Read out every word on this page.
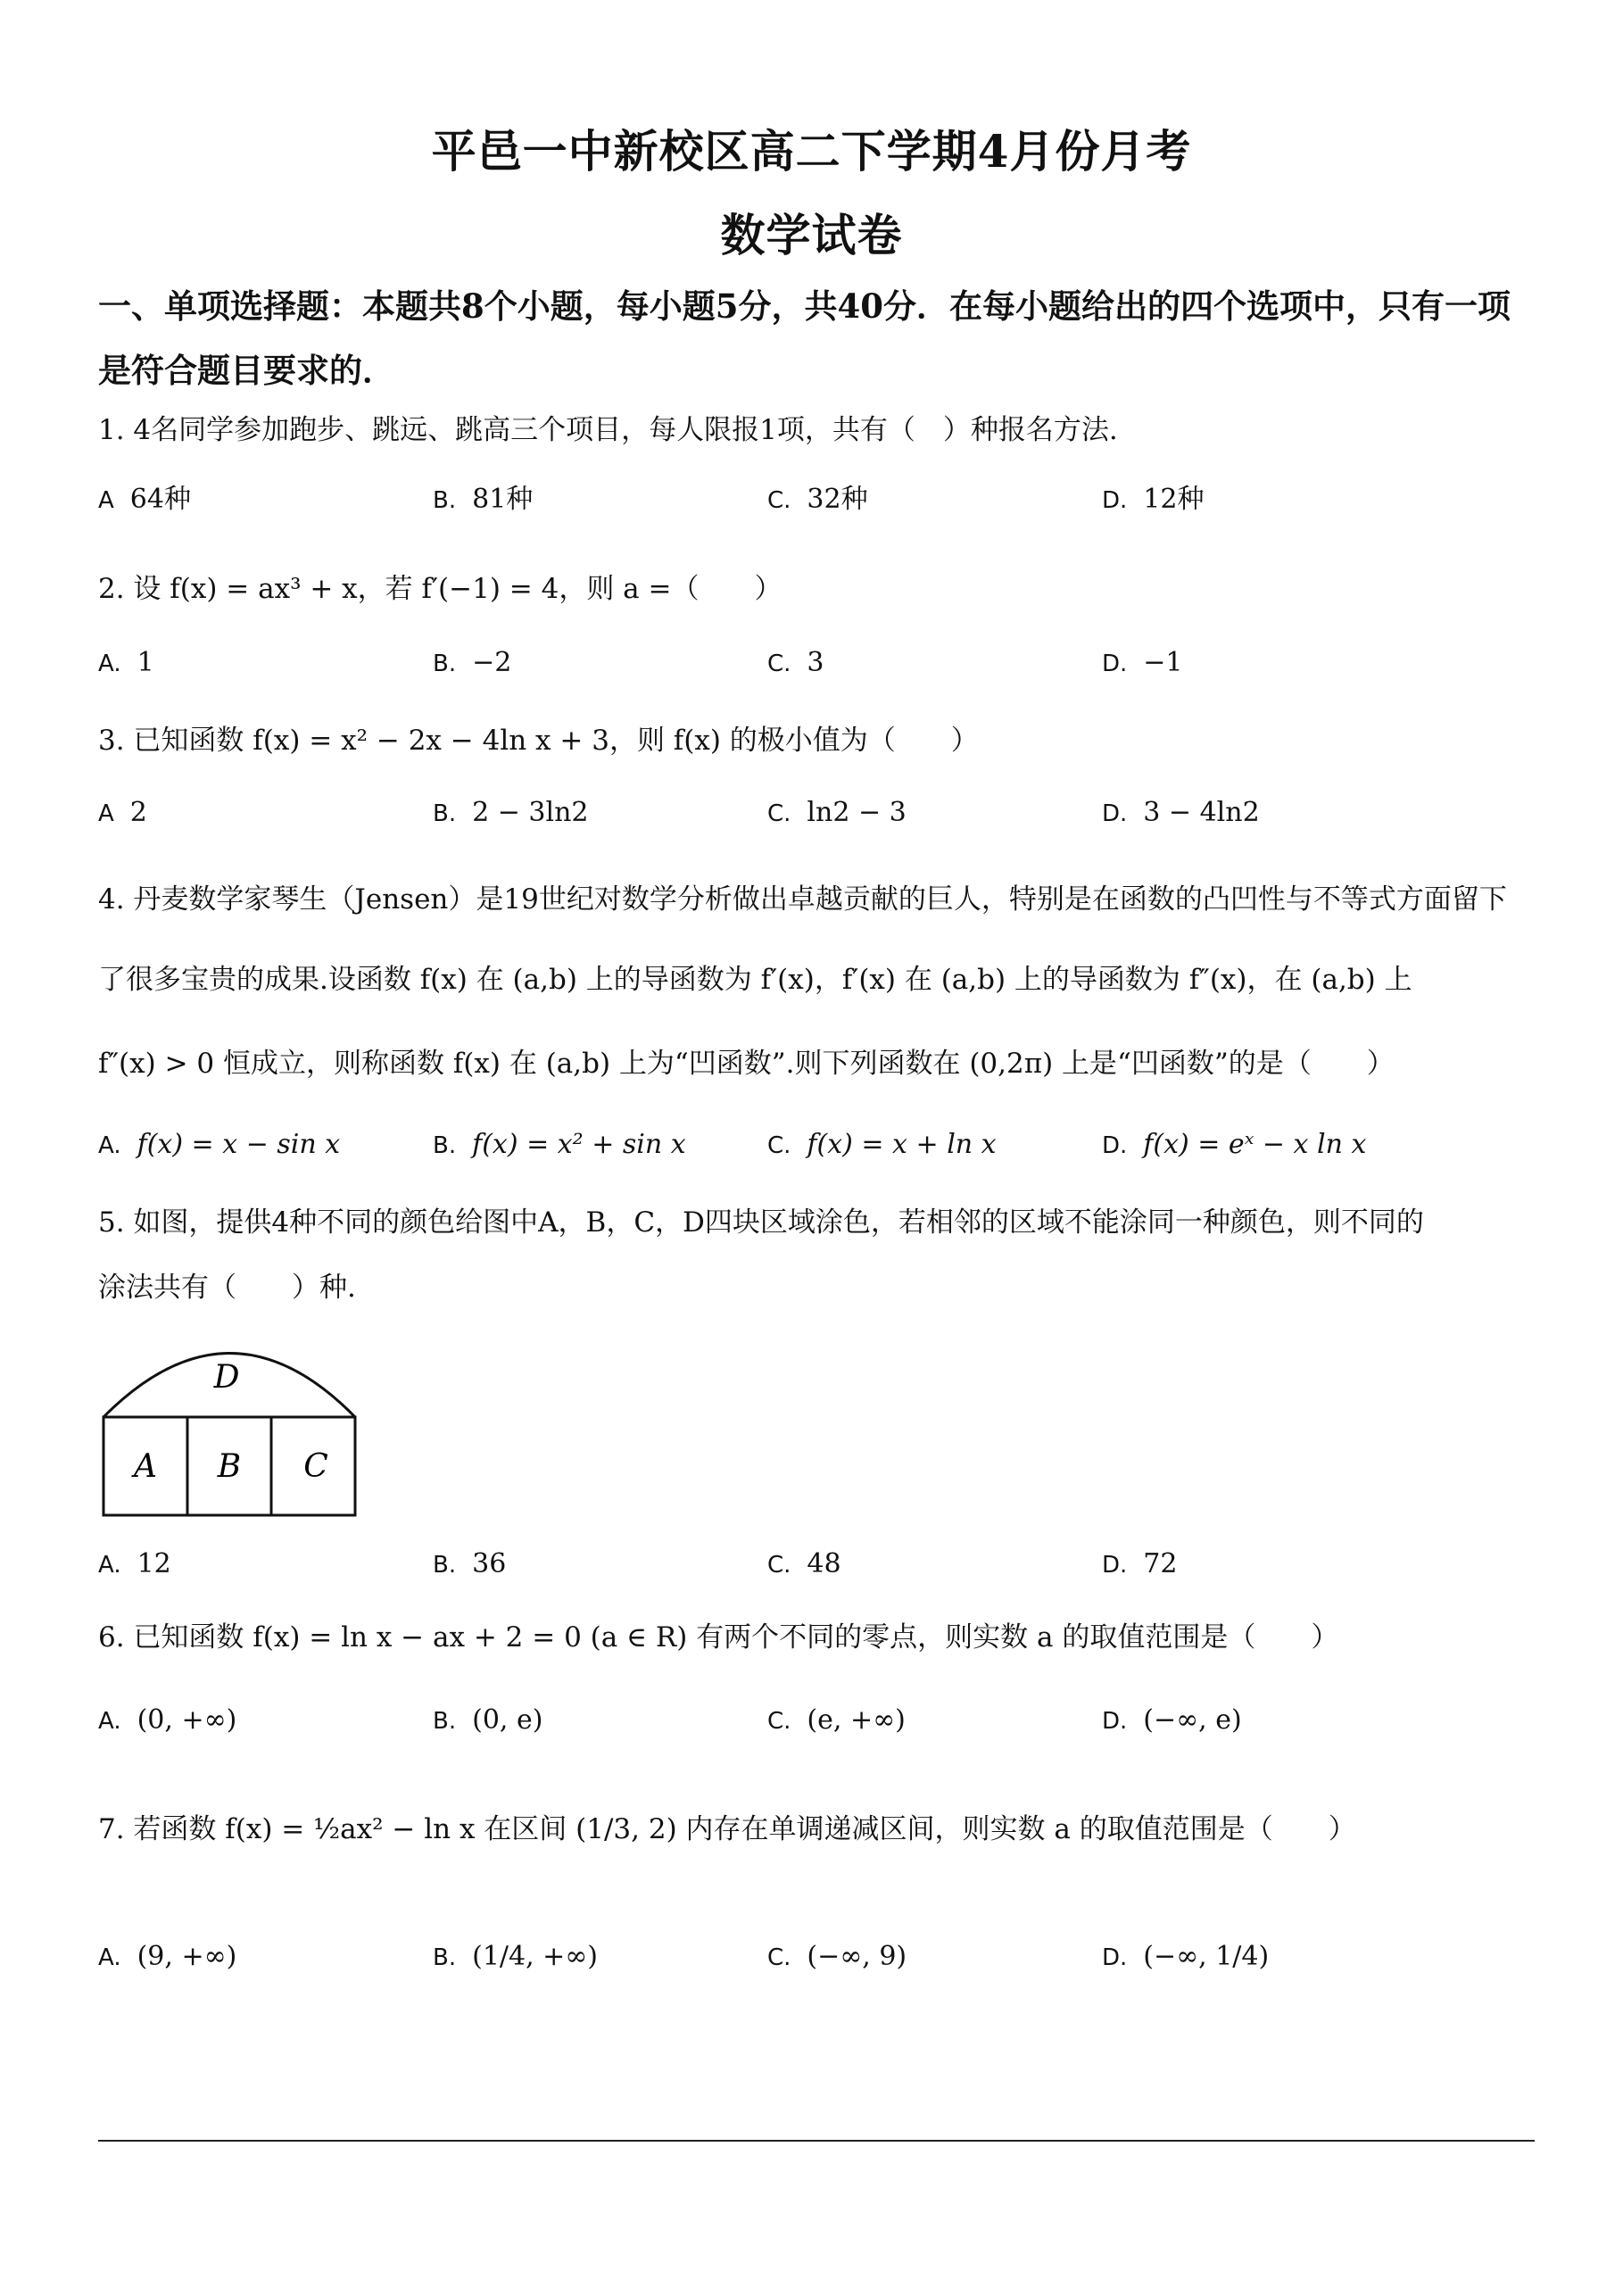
平邑一中新校区高二下学期4月份月考
数学试卷
一、单项选择题：本题共8个小题，每小题5分，共40分．在每小题给出的四个选项中，只有一项
是符合题目要求的．
1. 4名同学参加跑步、跳远、跳高三个项目，每人限报1项，共有（　）种报名方法.
A 64种	B. 81种	C. 32种	D. 12种
2. 设 f(x) = ax³ + x，若 f′(−1) = 4，则 a =（　　）
A. 1	B. −2	C. 3	D. −1
3. 已知函数 f(x) = x² − 2x − 4ln x + 3，则 f(x) 的极小值为（　　）
A 2	B. 2 − 3ln2	C. ln2 − 3	D. 3 − 4ln2
4. 丹麦数学家琴生（Jensen）是19世纪对数学分析做出卓越贡献的巨人，特别是在函数的凸凹性与不等式方面留下
了很多宝贵的成果.设函数 f(x) 在 (a,b) 上的导函数为 f′(x)，f′(x) 在 (a,b) 上的导函数为 f″(x)，在 (a,b) 上
f″(x) > 0 恒成立，则称函数 f(x) 在 (a,b) 上为“凹函数”.则下列函数在 (0,2π) 上是“凹函数”的是（　　）
A. f(x) = x − sin x	B. f(x) = x² + sin x	C. f(x) = x + ln x	D. f(x) = eˣ − x ln x
5. 如图，提供4种不同的颜色给图中A，B，C，D四块区域涂色，若相邻的区域不能涂同一种颜色，则不同的
涂法共有（　　）种.
D
A B C
A. 12	B. 36	C. 48	D. 72
6. 已知函数 f(x) = ln x − ax + 2 = 0 (a ∈ R) 有两个不同的零点，则实数 a 的取值范围是（　　）
A. (0, +∞)	B. (0, e)	C. (e, +∞)	D. (−∞, e)
7. 若函数 f(x) = ½ax² − ln x 在区间 (1/3, 2) 内存在单调递减区间，则实数 a 的取值范围是（　　）
A. (9, +∞)	B. (1/4, +∞)	C. (−∞, 9)	D. (−∞, 1/4)
